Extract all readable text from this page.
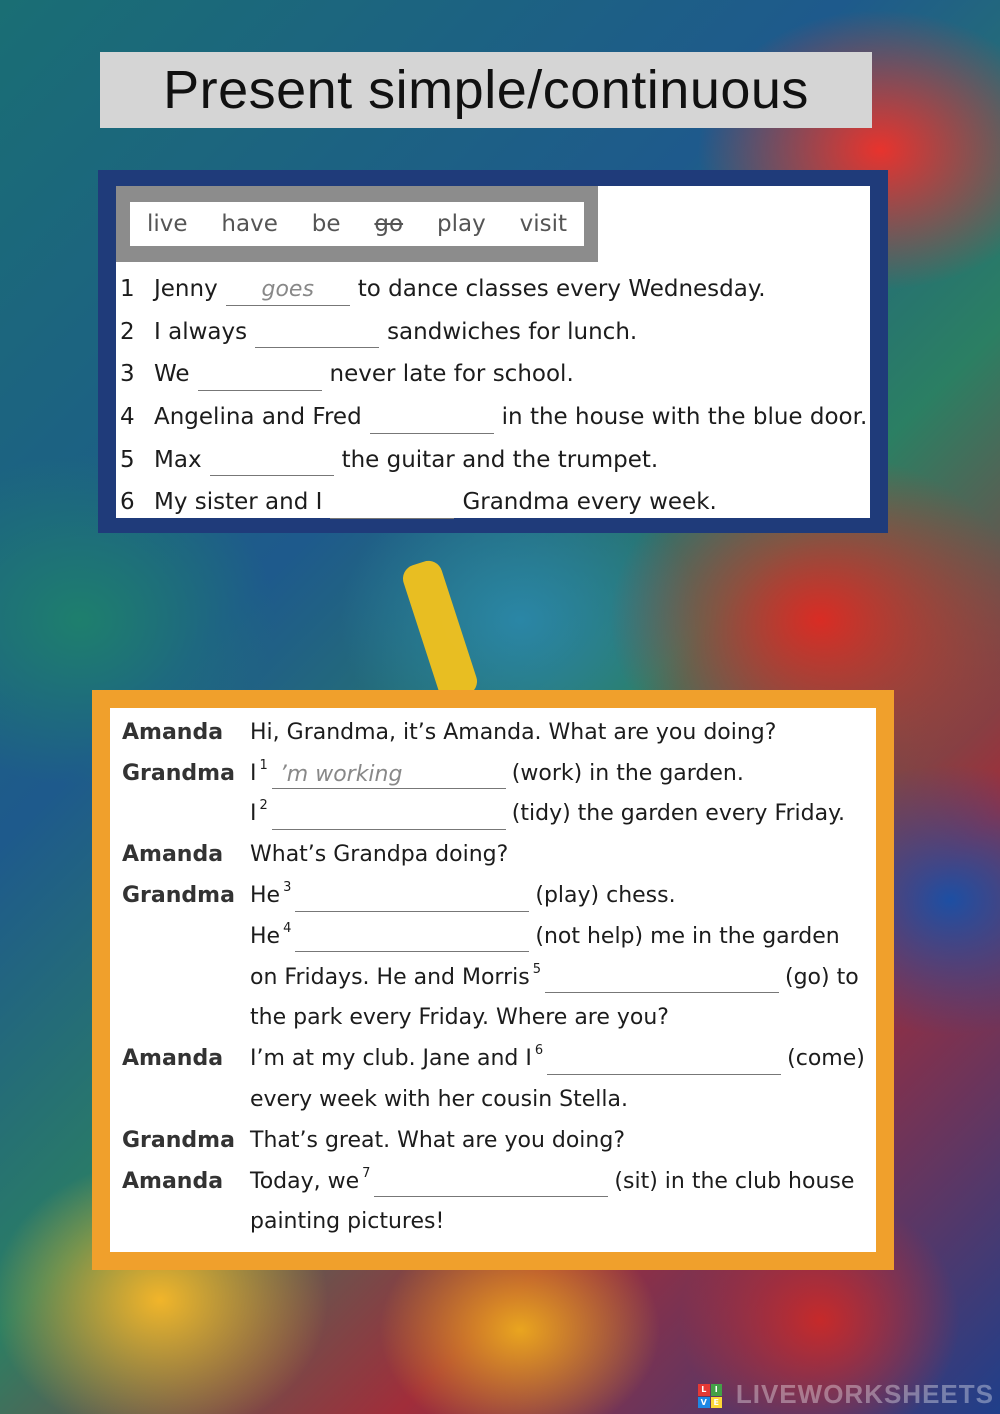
Present simple/continuous
live have be go play visit
1 Jenny	goes	to dance classes every Wednesday.
2 I always	sandwiches for lunch.
3 We	never late for school.
4 Angelina and Fred	in the house with the blue door.
5 Max	the guitar and the trumpet.
6 My sister and I	Grandma every week.
Amanda	Hi, Grandma, it’s Amanda. What are you doing?
Grandma $I^1$ ’m working	(work) in the garden.
$I^2$	(tidy) the garden every Friday.
Amanda	What’s Grandpa doing?
Grandma He$^3$	(play) chess.
He$^4$	(not help) me in the garden
on Fridays. He and Morris$^5$	(go) to
the park every Friday. Where are you?
Amanda	I’m at my club. Jane and $I^6$	(come)
every week with her cousin Stella.
Grandma That’s great. What are you doing?
Amanda	Today, $we^7$	(sit) in the club house
painting pictures!
L	I
V E LIVEWORKSHEETS
